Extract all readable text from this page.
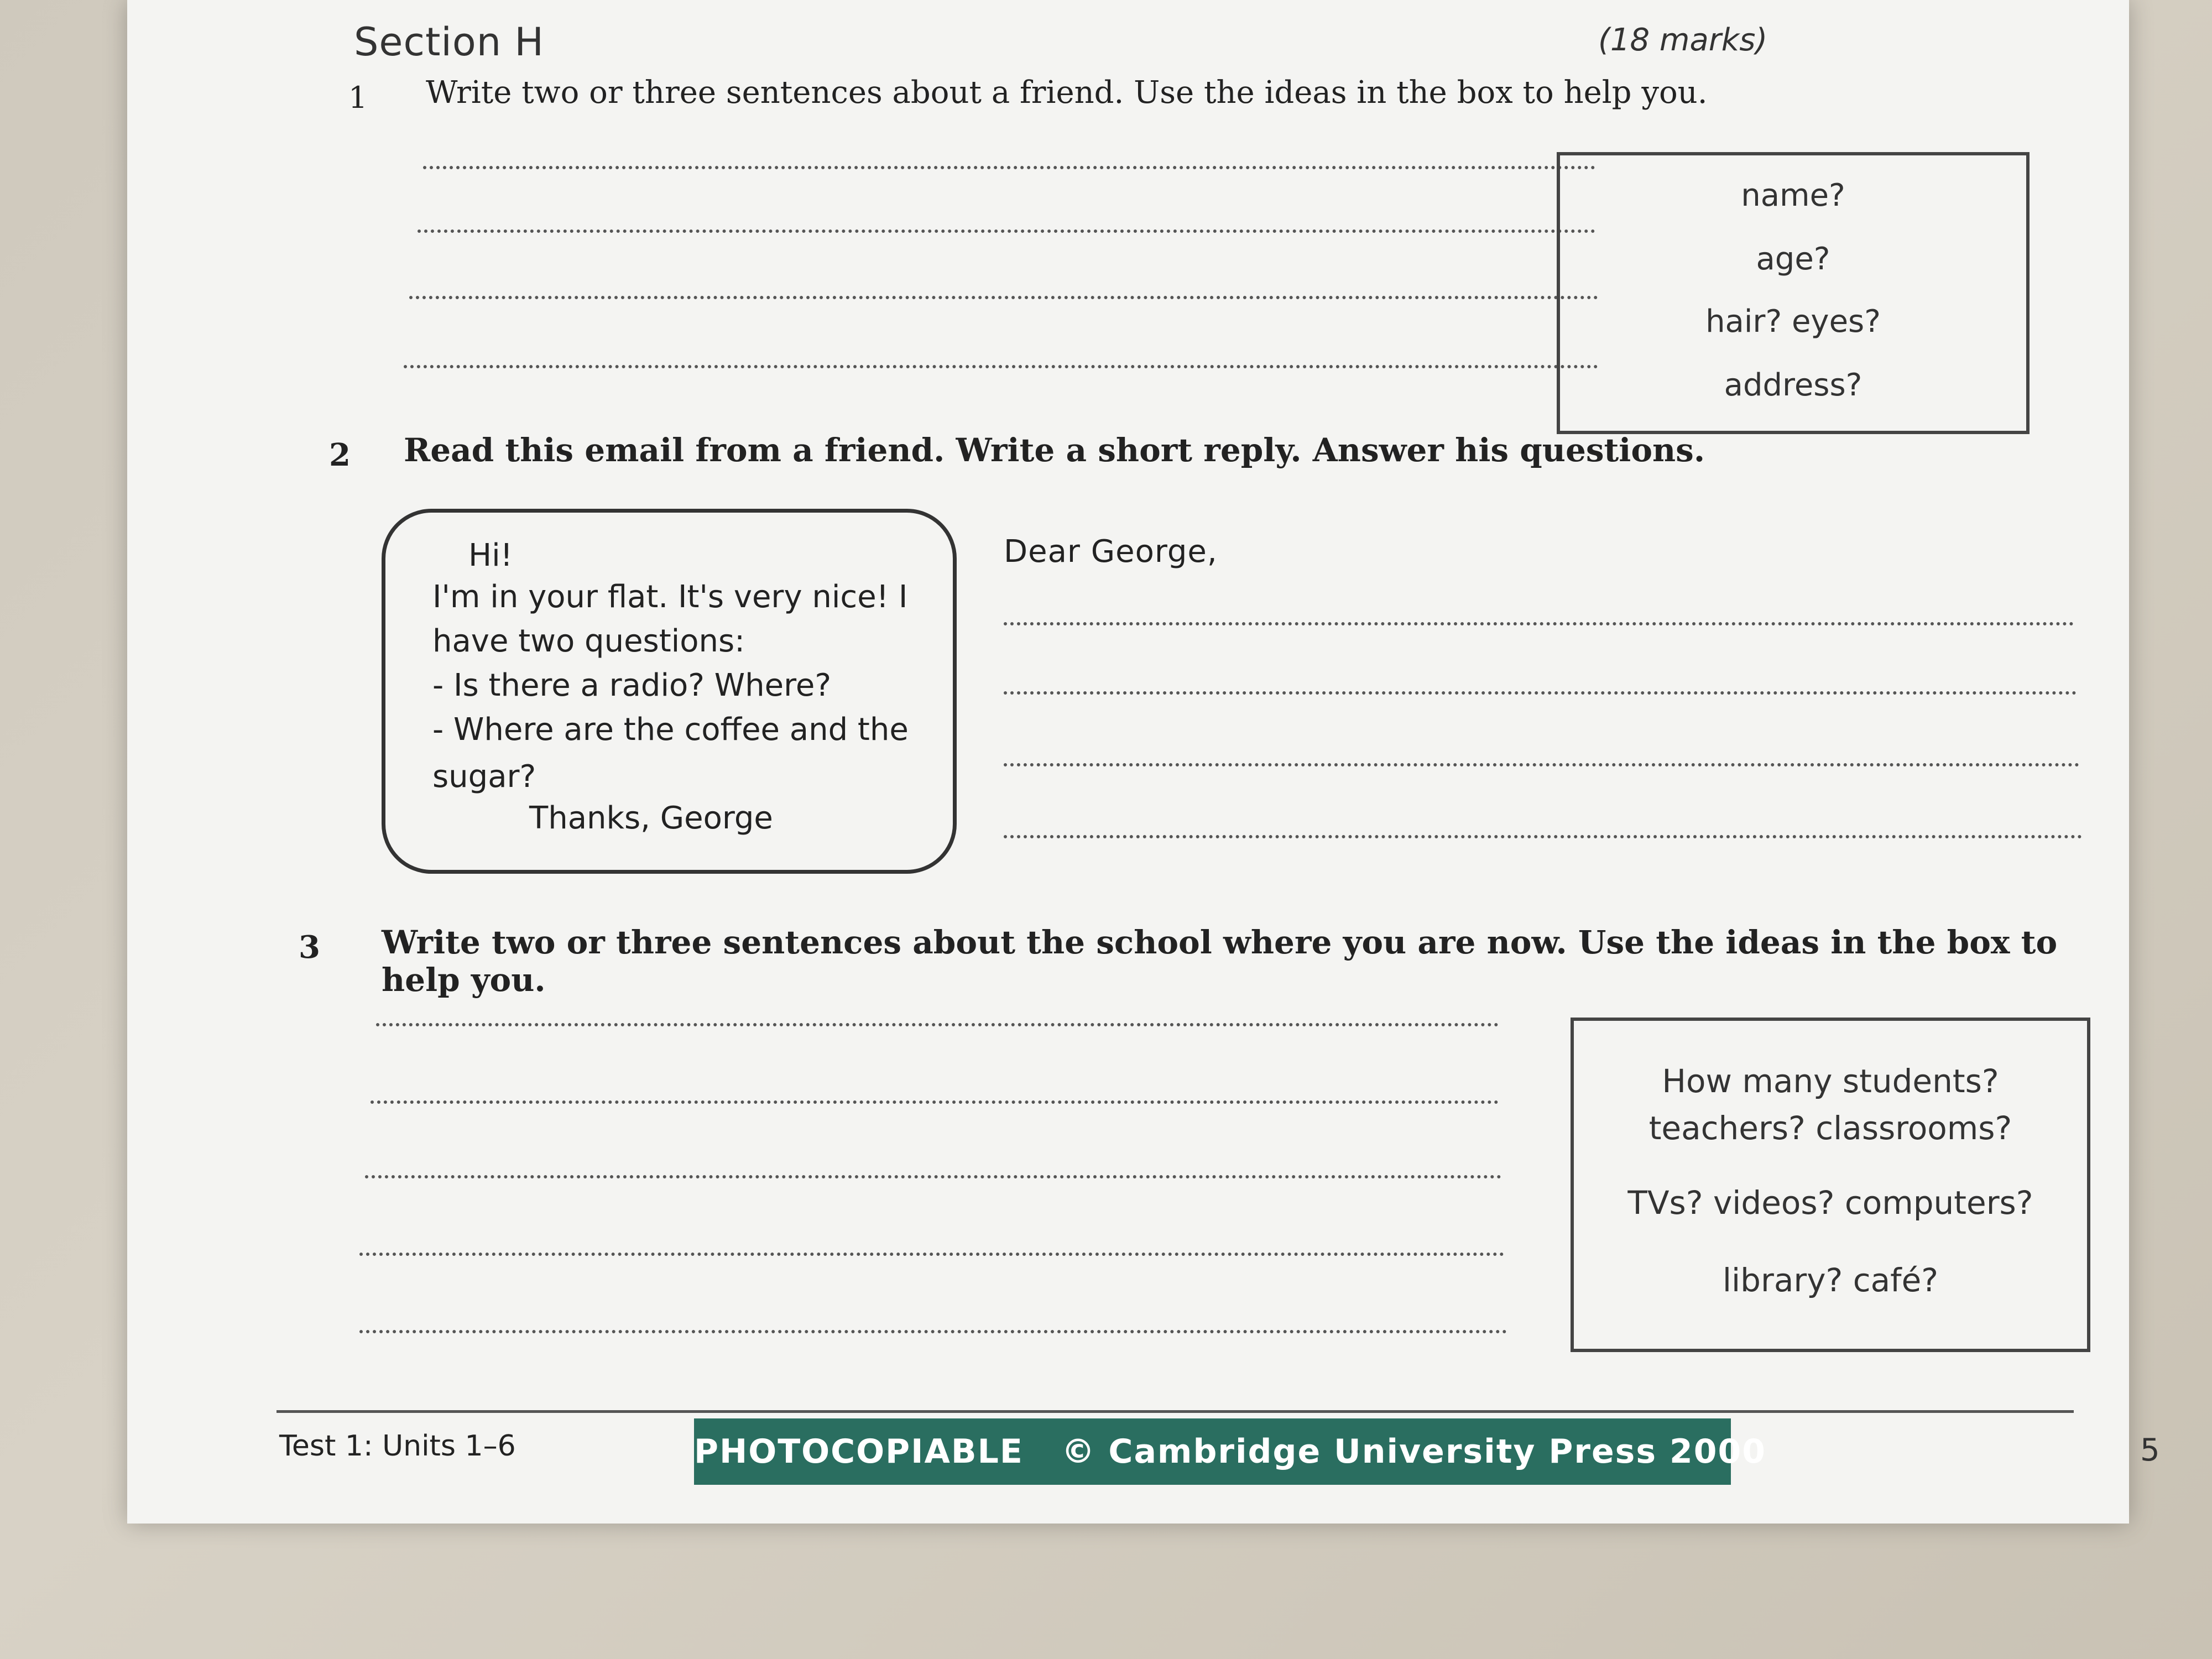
Section H	(18 marks)
1 Write two or three sentences about a friend. Use the ideas in the box to help you.
name?
age?
hair? eyes?
address?
2 Read this email from a friend. Write a short reply. Answer his questions.
Hi!
I'm in your flat. It's very nice! I
have two questions:
- Is there a radio? Where?
- Where are the coffee and the
sugar?
Thanks, George
Dear George,
3 Write two or three sentences about the school where you are now. Use the ideas in the box to help you.
How many students?
teachers? classrooms?
TVs? videos? computers?
library? café?
Test 1: Units 1–6	PHOTOCOPIABLE   © Cambridge University Press 2000	5
